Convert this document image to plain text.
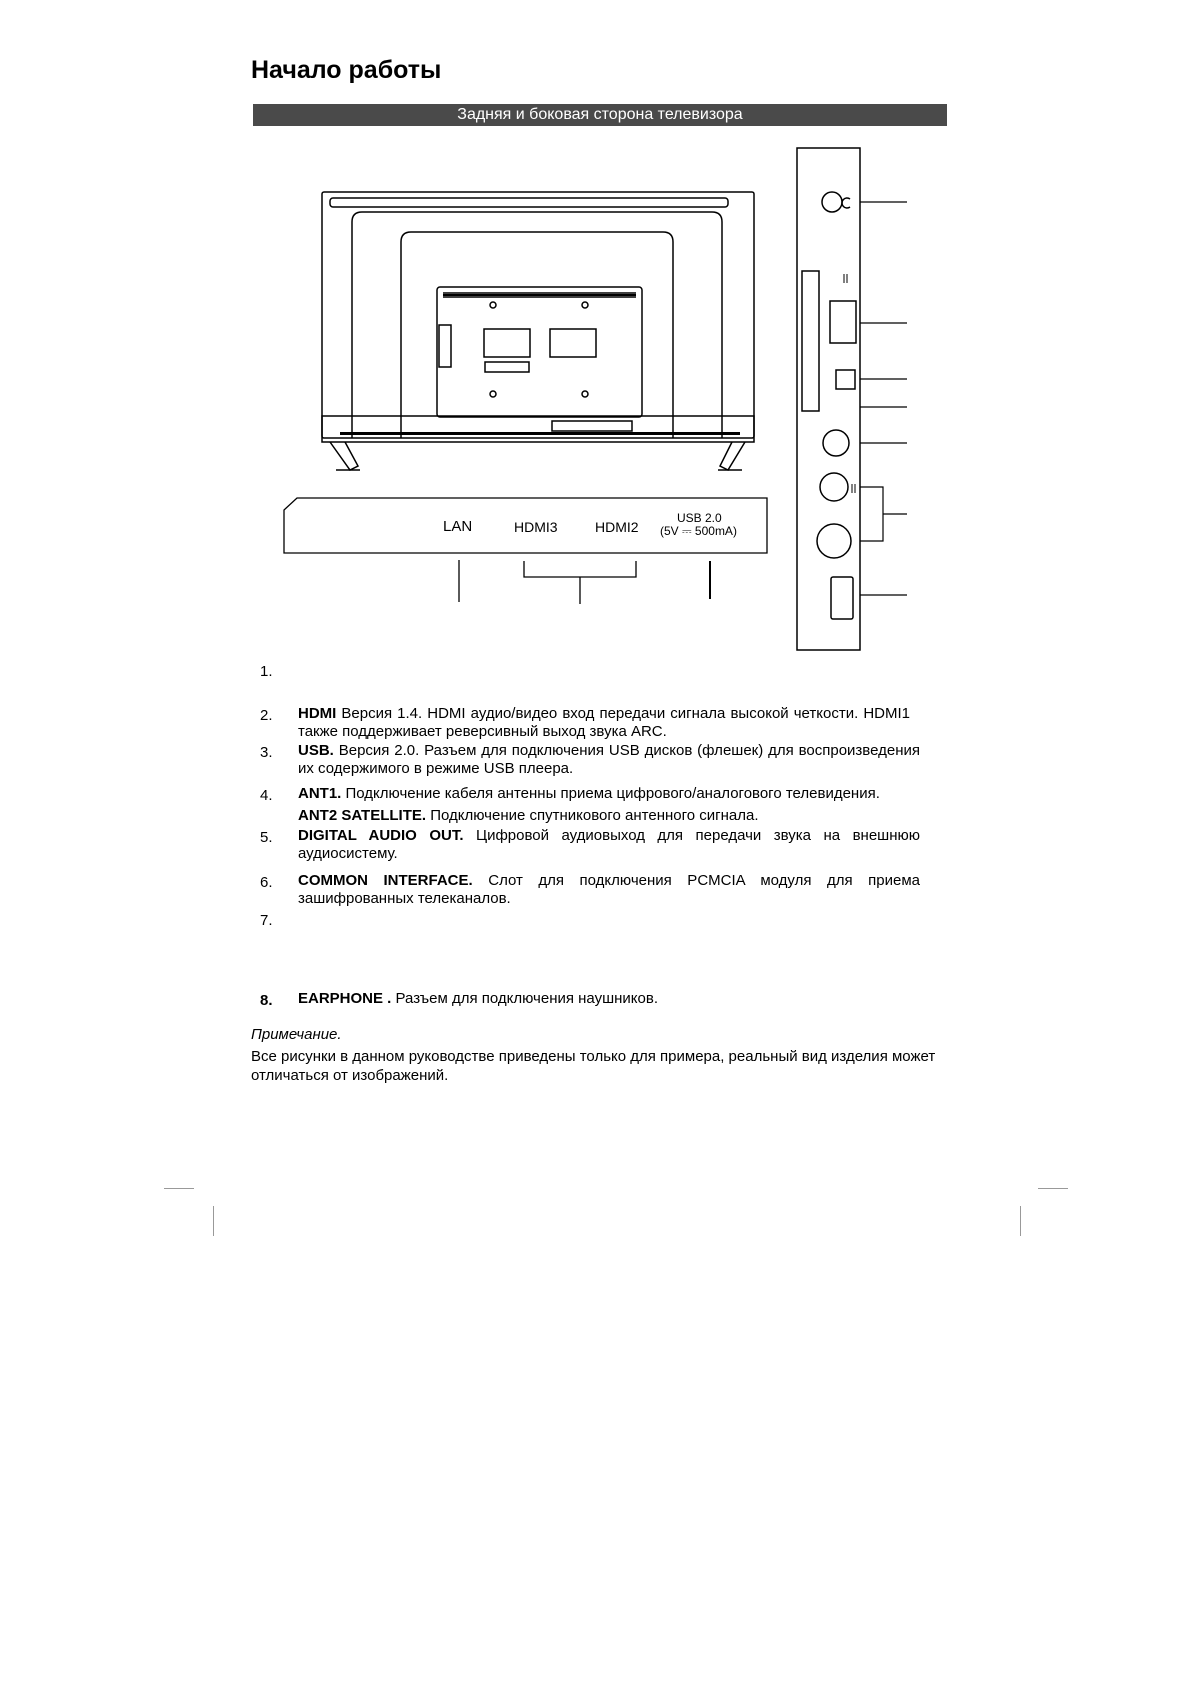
Начало работы
Задняя и боковая сторона телевизора
LAN	HDMI3	HDMI2
USB 2.0
(5V ⎓ 500mA)
1.
2.	HDMI Версия 1.4. HDMI аудио/видео вход передачи сигнала высокой четкости. HDMI1 также поддерживает реверсивный выход звука ARC.
3.	USB. Версия 2.0. Разъем для подключения USB дисков (флешек) для воспроизведения их содержимого в режиме USB плеера.
4.	ANT1. Подключение кабеля антенны приема цифрового/аналогового телевидения.
ANT2 SATELLITE. Подключение спутникового антенного сигнала.
5.	DIGITAL AUDIO OUT. Цифровой аудиовыход для передачи звука на внешнюю аудиосистему.
6.	COMMON INTERFACE. Слот для подключения PCMCIA модуля для приема зашифрованных телеканалов.
7.
8.	EARPHONE . Разъем для подключения наушников.
Примечание.
Все рисунки в данном руководстве приведены только для примера, реальный вид изделия может отличаться от изображений.
